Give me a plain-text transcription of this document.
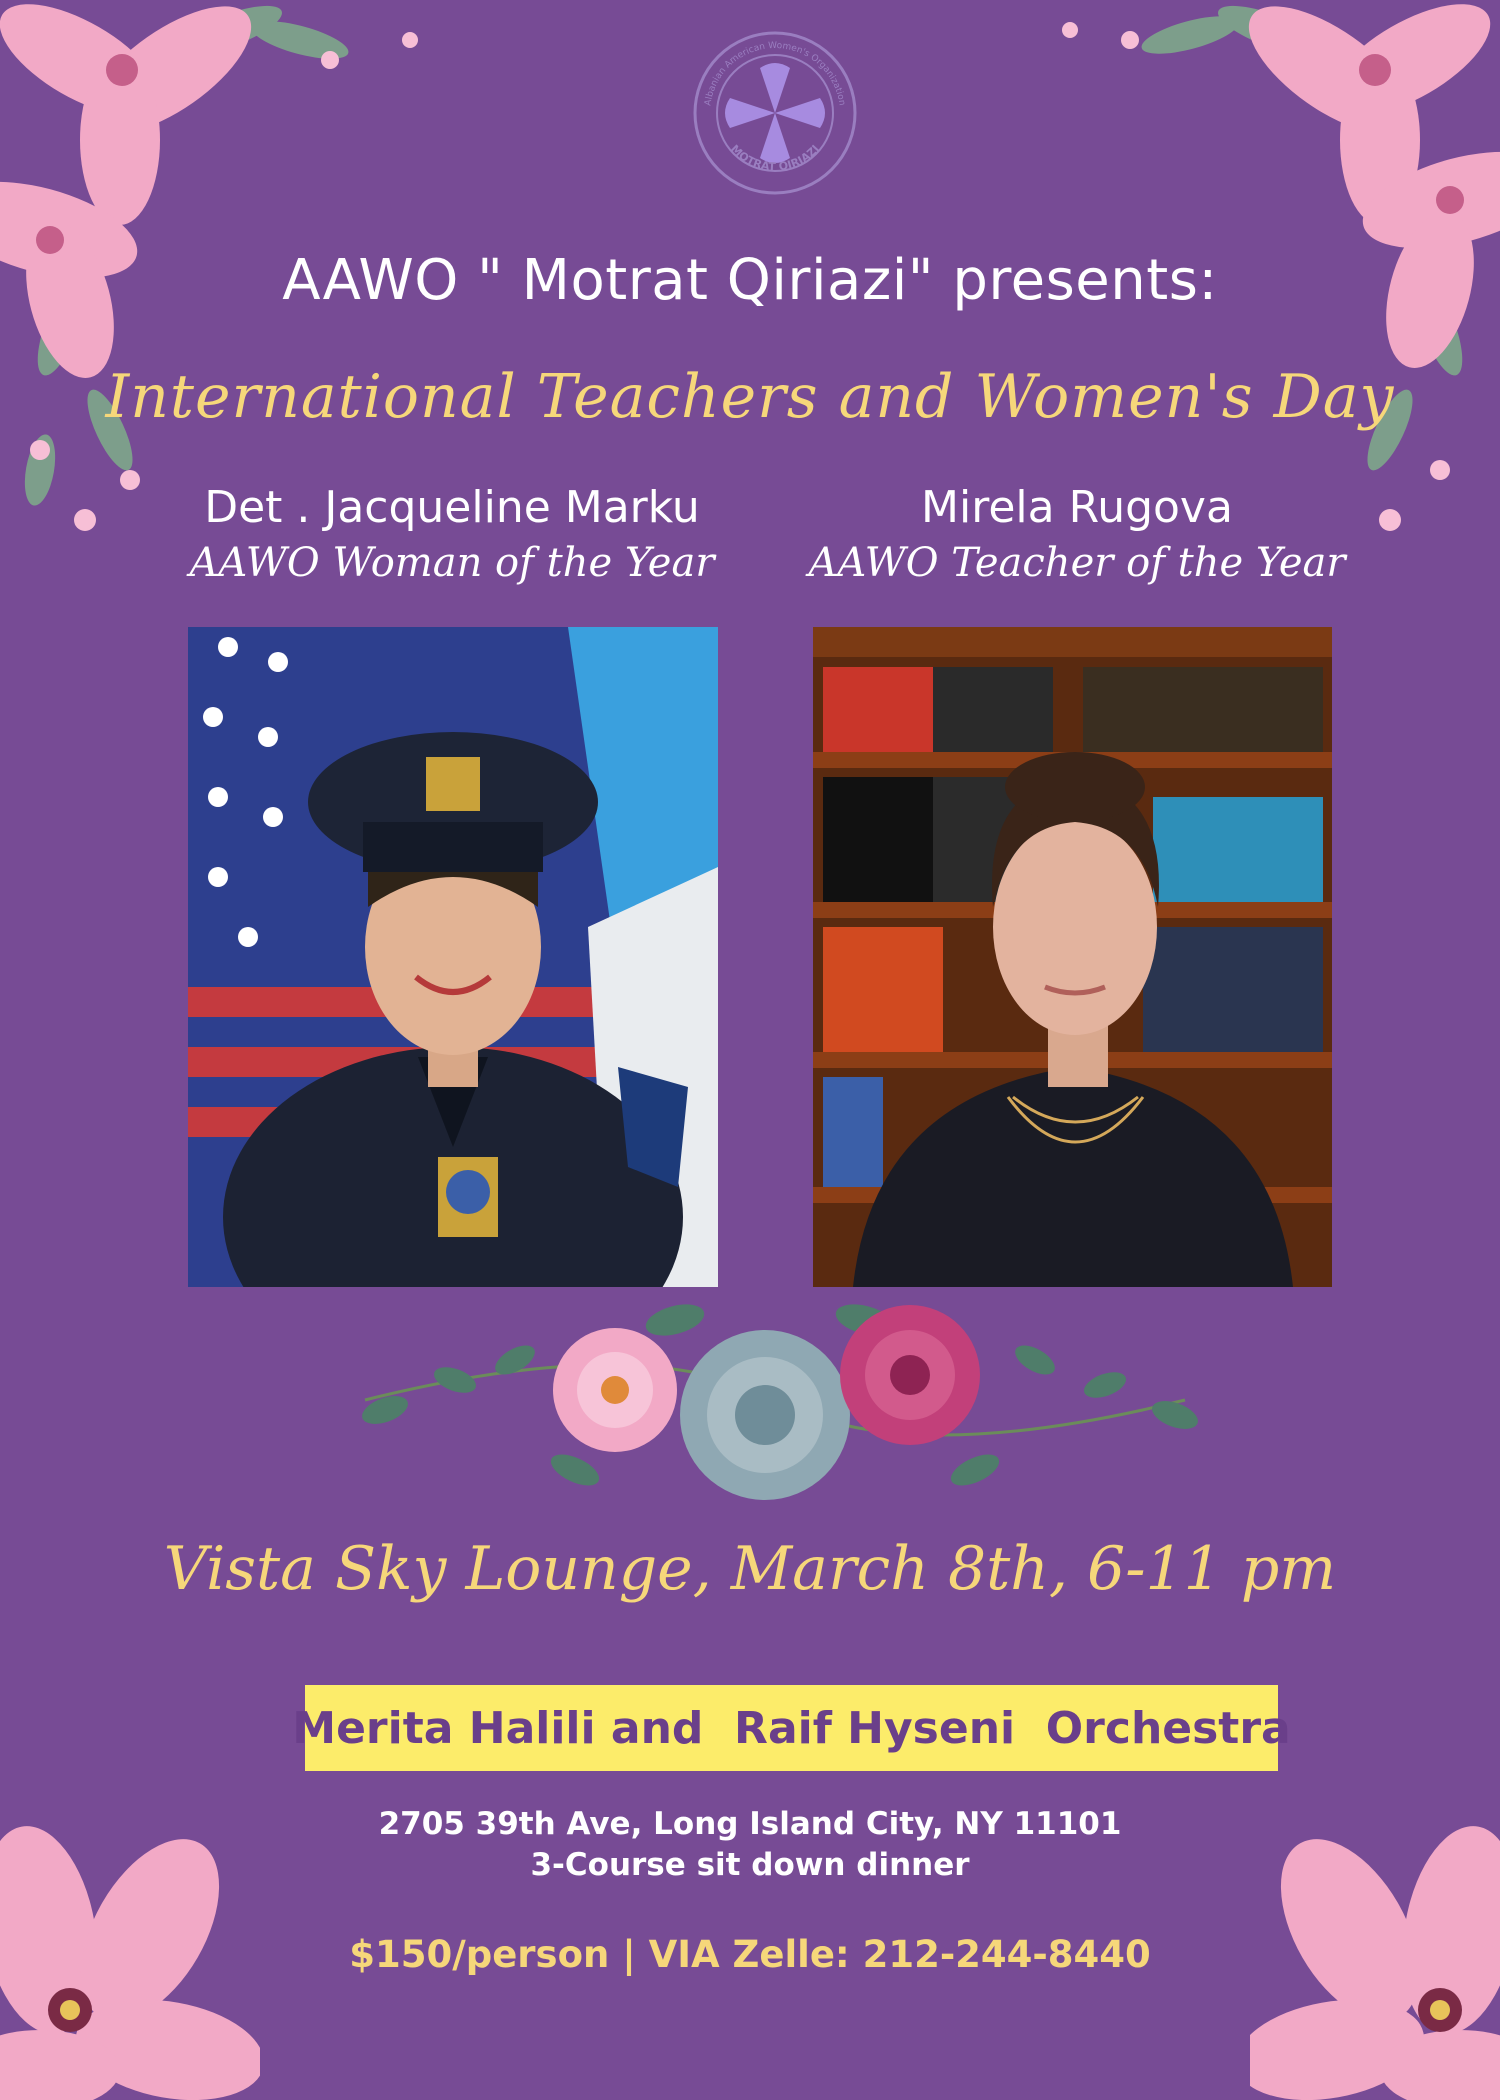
Albanian American Women's Organization
MOTRAT QIRIAZI
AAWO " Motrat Qiriazi" presents:
International Teachers and Women's Day
Det . Jacqueline Marku
AAWO Woman of the Year
Mirela Rugova
AAWO Teacher of the Year
Vista Sky Lounge, March 8th, 6-11 pm
Merita Halili and  Raif Hyseni  Orchestra
2705 39th Ave, Long Island City, NY 11101
3-Course sit down dinner
$150/person | VIA Zelle: 212-244-8440
